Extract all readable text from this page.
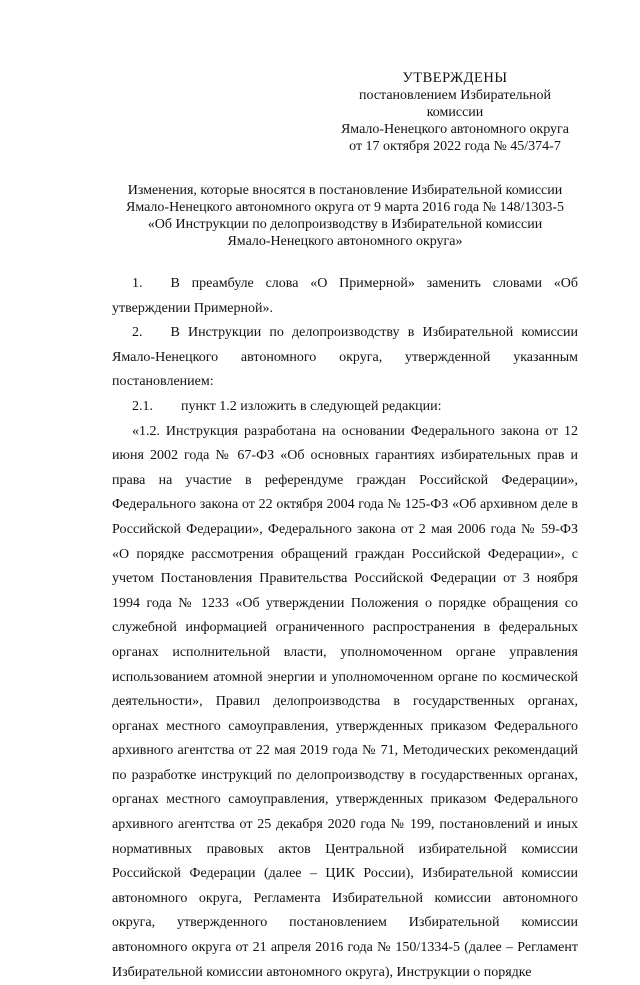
УТВЕРЖДЕНЫ
постановлением Избирательной комиссии
Ямало-Ненецкого автономного округа
от 17 октября 2022 года № 45/374-7
Изменения, которые вносятся в постановление Избирательной комиссии
Ямало-Ненецкого автономного округа от 9 марта 2016 года № 148/1303-5
«Об Инструкции по делопроизводству в Избирательной комиссии
Ямало-Ненецкого автономного округа»

1.  В преамбуле слова «О Примерной» заменить словами «Об утверждении Примерной».

2.  В Инструкции по делопроизводству в Избирательной комиссии Ямало-Ненецкого автономного округа, утвержденной указанным постановлением:

2.1.  пункт 1.2 изложить в следующей редакции:

«1.2. Инструкция разработана на основании Федерального закона от 12 июня 2002 года № 67-ФЗ «Об основных гарантиях избирательных прав и права на участие в референдуме граждан Российской Федерации», Федерального закона от 22 октября 2004 года № 125-ФЗ «Об архивном деле в Российской Федерации», Федерального закона от 2 мая 2006 года № 59-ФЗ «О порядке рассмотрения обращений граждан Российской Федерации», с учетом Постановления Правительства Российской Федерации от 3 ноября 1994 года № 1233 «Об утверждении Положения о порядке обращения со служебной информацией ограниченного распространения в федеральных органах исполнительной власти, уполномоченном органе управления использованием атомной энергии и уполномоченном органе по космической деятельности», Правил делопроизводства в государственных органах, органах местного самоуправления, утвержденных приказом Федерального архивного агентства от 22 мая 2019 года № 71, Методических рекомендаций по разработке инструкций по делопроизводству в государственных органах, органах местного самоуправления, утвержденных приказом Федерального архивного агентства от 25 декабря 2020 года № 199, постановлений и иных нормативных правовых актов Центральной избирательной комиссии Российской Федерации (далее – ЦИК России), Избирательной комиссии автономного округа, Регламента Избирательной комиссии автономного округа, утвержденного постановлением Избирательной комиссии автономного округа от 21 апреля 2016 года № 150/1334-5 (далее – Регламент Избирательной комиссии автономного округа), Инструкции о порядке
